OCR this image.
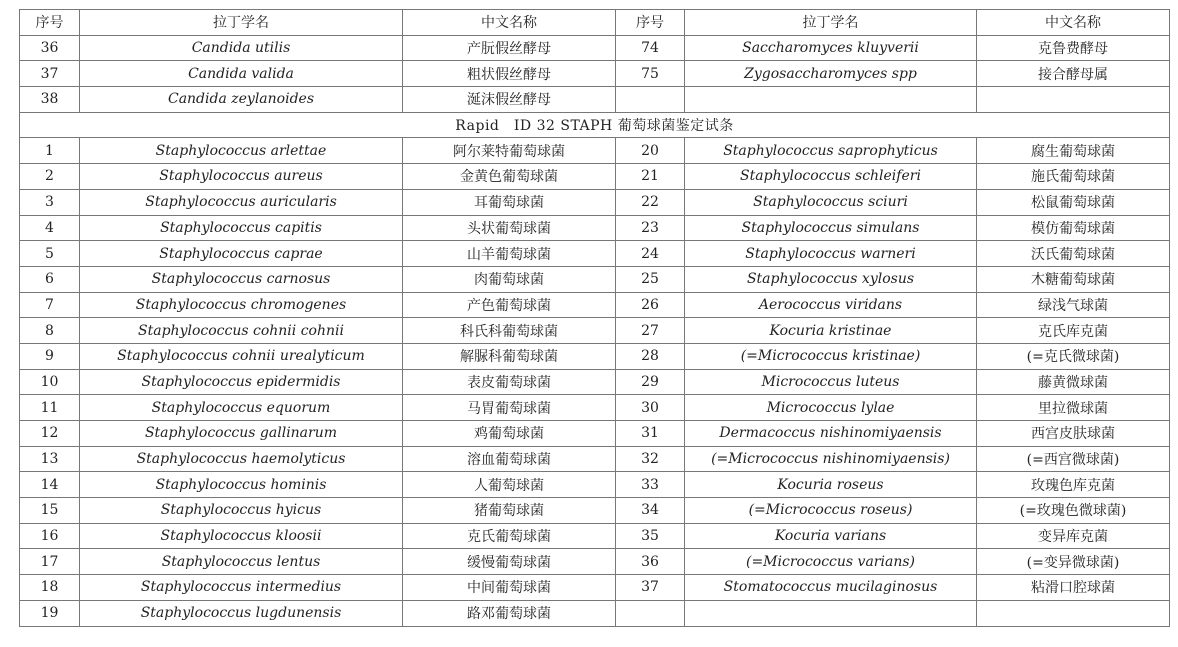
序号	拉丁学名	中文名称	序号	拉丁学名	中文名称
36	Candida utilis	产朊假丝酵母	74	Saccharomyces kluyverii	克鲁费酵母
37	Candida valida	粗状假丝酵母	75	Zygosaccharomyces spp	接合酵母属
38	Candida zeylanoides	涎沫假丝酵母			
Rapid　ID 32 STAPH 葡萄球菌鉴定试条					
1	Staphylococcus arlettae	阿尔莱特葡萄球菌	20	Staphylococcus saprophyticus	腐生葡萄球菌
2	Staphylococcus aureus	金黄色葡萄球菌	21	Staphylococcus schleiferi	施氏葡萄球菌
3	Staphylococcus auricularis	耳葡萄球菌	22	Staphylococcus sciuri	松鼠葡萄球菌
4	Staphylococcus capitis	头状葡萄球菌	23	Staphylococcus simulans	模仿葡萄球菌
5	Staphylococcus caprae	山羊葡萄球菌	24	Staphylococcus warneri	沃氏葡萄球菌
6	Staphylococcus carnosus	肉葡萄球菌	25	Staphylococcus xylosus	木糖葡萄球菌
7	Staphylococcus chromogenes	产色葡萄球菌	26	Aerococcus viridans	绿浅气球菌
8	Staphylococcus cohnii cohnii	科氏科葡萄球菌	27	Kocuria kristinae	克氏库克菌
9	Staphylococcus cohnii urealyticum	解脲科葡萄球菌	28	(=Micrococcus kristinae)	(=克氏微球菌)
10	Staphylococcus epidermidis	表皮葡萄球菌	29	Micrococcus luteus	藤黄微球菌
11	Staphylococcus equorum	马胃葡萄球菌	30	Micrococcus lylae	里拉微球菌
12	Staphylococcus gallinarum	鸡葡萄球菌	31	Dermacoccus nishinomiyaensis	西宫皮肤球菌
13	Staphylococcus haemolyticus	溶血葡萄球菌	32	(=Micrococcus nishinomiyaensis)	(=西宫微球菌)
14	Staphylococcus hominis	人葡萄球菌	33	Kocuria roseus	玫瑰色库克菌
15	Staphylococcus hyicus	猪葡萄球菌	34	(=Micrococcus roseus)	(=玫瑰色微球菌)
16	Staphylococcus kloosii	克氏葡萄球菌	35	Kocuria varians	变异库克菌
17	Staphylococcus lentus	缓慢葡萄球菌	36	(=Micrococcus varians)	(=变异微球菌)
18	Staphylococcus intermedius	中间葡萄球菌	37	Stomatococcus mucilaginosus	粘滑口腔球菌
19	Staphylococcus lugdunensis	路邓葡萄球菌			
